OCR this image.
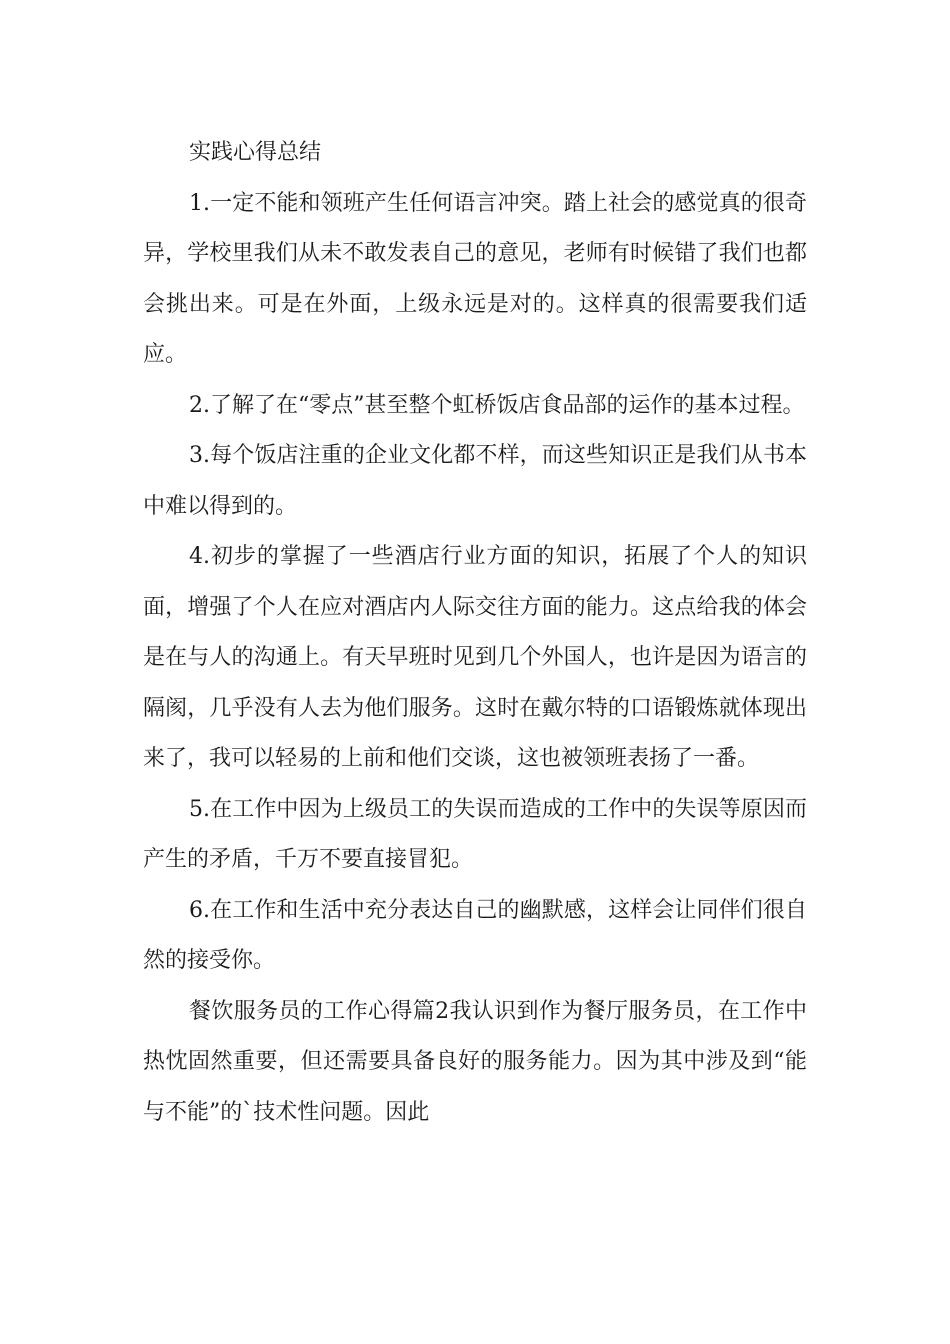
实践心得总结

1.一定不能和领班产生任何语言冲突。踏上社会的感觉真的很奇异，学校里我们从未不敢发表自己的意见，老师有时候错了我们也都会挑出来。可是在外面，上级永远是对的。这样真的很需要我们适应。

2.了解了在“零点”甚至整个虹桥饭店食品部的运作的基本过程。

3.每个饭店注重的企业文化都不样，而这些知识正是我们从书本中难以得到的。

4.初步的掌握了一些酒店行业方面的知识，拓展了个人的知识面，增强了个人在应对酒店内人际交往方面的能力。这点给我的体会是在与人的沟通上。有天早班时见到几个外国人，也许是因为语言的隔阂，几乎没有人去为他们服务。这时在戴尔特的口语锻炼就体现出来了，我可以轻易的上前和他们交谈，这也被领班表扬了一番。

5.在工作中因为上级员工的失误而造成的工作中的失误等原因而产生的矛盾，千万不要直接冒犯。

6.在工作和生活中充分表达自己的幽默感，这样会让同伴们很自然的接受你。

餐饮服务员的工作心得篇2我认识到作为餐厅服务员，在工作中热忱固然重要，但还需要具备良好的服务能力。因为其中涉及到“能与不能”的`技术性问题。因此
